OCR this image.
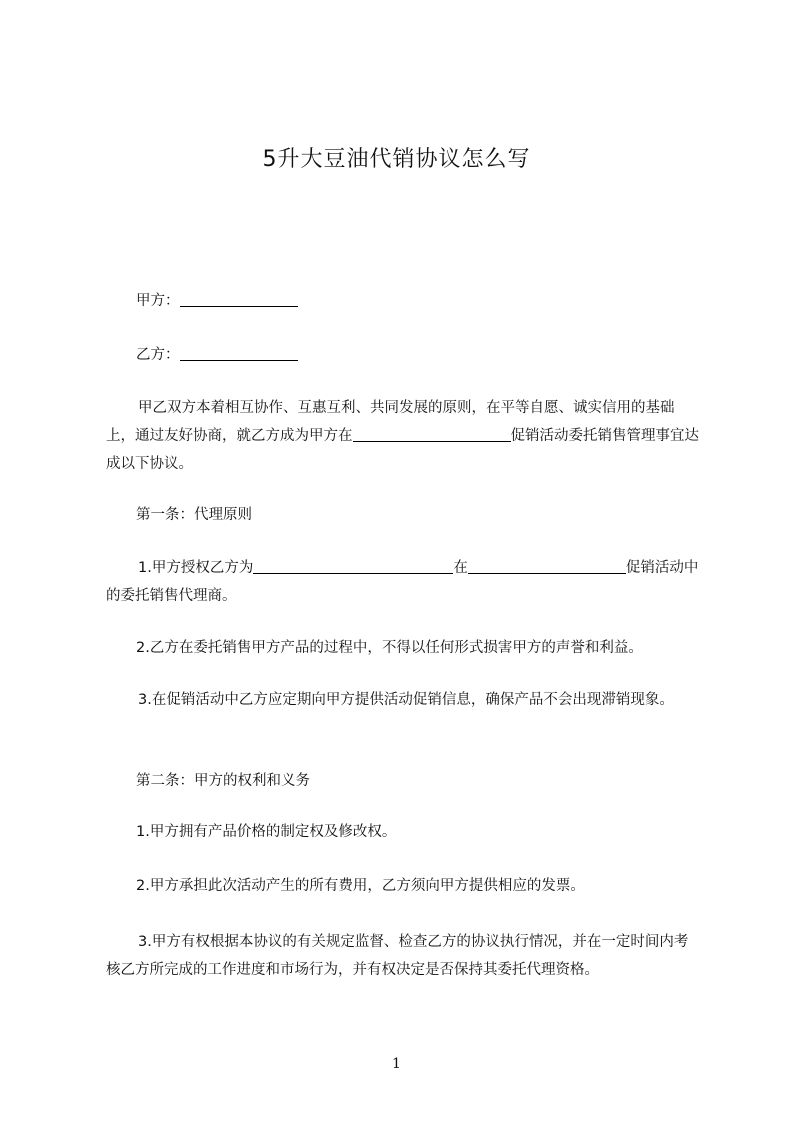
5升大豆油代销协议怎么写
甲方：
乙方：
甲乙双方本着相互协作、互惠互利、共同发展的原则，在平等自愿、诚实信用的基础上，通过友好协商，就乙方成为甲方在	促销活动委托销售管理事宜达成以下协议。
第一条：代理原则
1.甲方授权乙方为	在	促销活动中的委托销售代理商。
2.乙方在委托销售甲方产品的过程中，不得以任何形式损害甲方的声誉和利益。
3.在促销活动中乙方应定期向甲方提供活动促销信息，确保产品不会出现滞销现象。
第二条：甲方的权利和义务
1.甲方拥有产品价格的制定权及修改权。
2.甲方承担此次活动产生的所有费用，乙方须向甲方提供相应的发票。
3.甲方有权根据本协议的有关规定监督、检查乙方的协议执行情况，并在一定时间内考核乙方所完成的工作进度和市场行为，并有权决定是否保持其委托代理资格。
1
